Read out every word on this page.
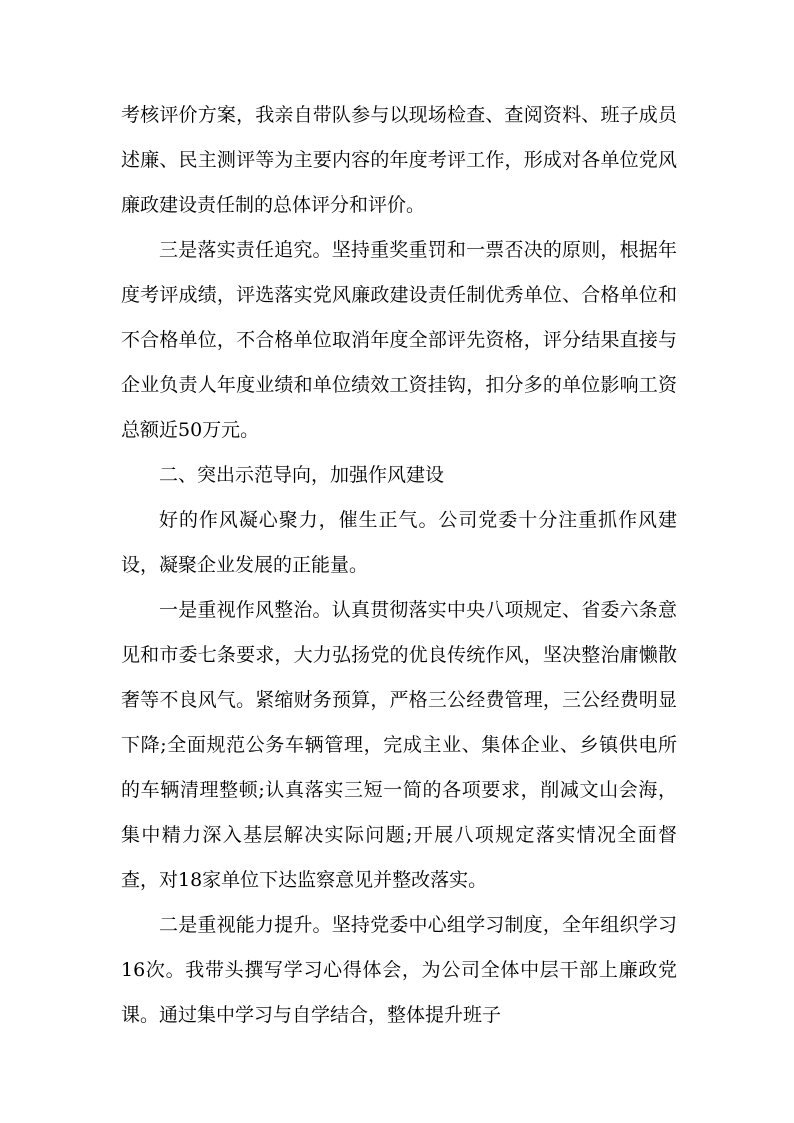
考核评价方案，我亲自带队参与以现场检查、查阅资料、班子成员述廉、民主测评等为主要内容的年度考评工作，形成对各单位党风廉政建设责任制的总体评分和评价。

三是落实责任追究。坚持重奖重罚和一票否决的原则，根据年度考评成绩，评选落实党风廉政建设责任制优秀单位、合格单位和不合格单位，不合格单位取消年度全部评先资格，评分结果直接与企业负责人年度业绩和单位绩效工资挂钩，扣分多的单位影响工资总额近50万元。

二、突出示范导向，加强作风建设

好的作风凝心聚力，催生正气。公司党委十分注重抓作风建设，凝聚企业发展的正能量。

一是重视作风整治。认真贯彻落实中央八项规定、省委六条意见和市委七条要求，大力弘扬党的优良传统作风，坚决整治庸懒散奢等不良风气。紧缩财务预算，严格三公经费管理，三公经费明显下降;全面规范公务车辆管理，完成主业、集体企业、乡镇供电所的车辆清理整顿;认真落实三短一简的各项要求，削减文山会海，集中精力深入基层解决实际问题;开展八项规定落实情况全面督查，对18家单位下达监察意见并整改落实。

二是重视能力提升。坚持党委中心组学习制度，全年组织学习16次。我带头撰写学习心得体会，为公司全体中层干部上廉政党课。通过集中学习与自学结合，整体提升班子
